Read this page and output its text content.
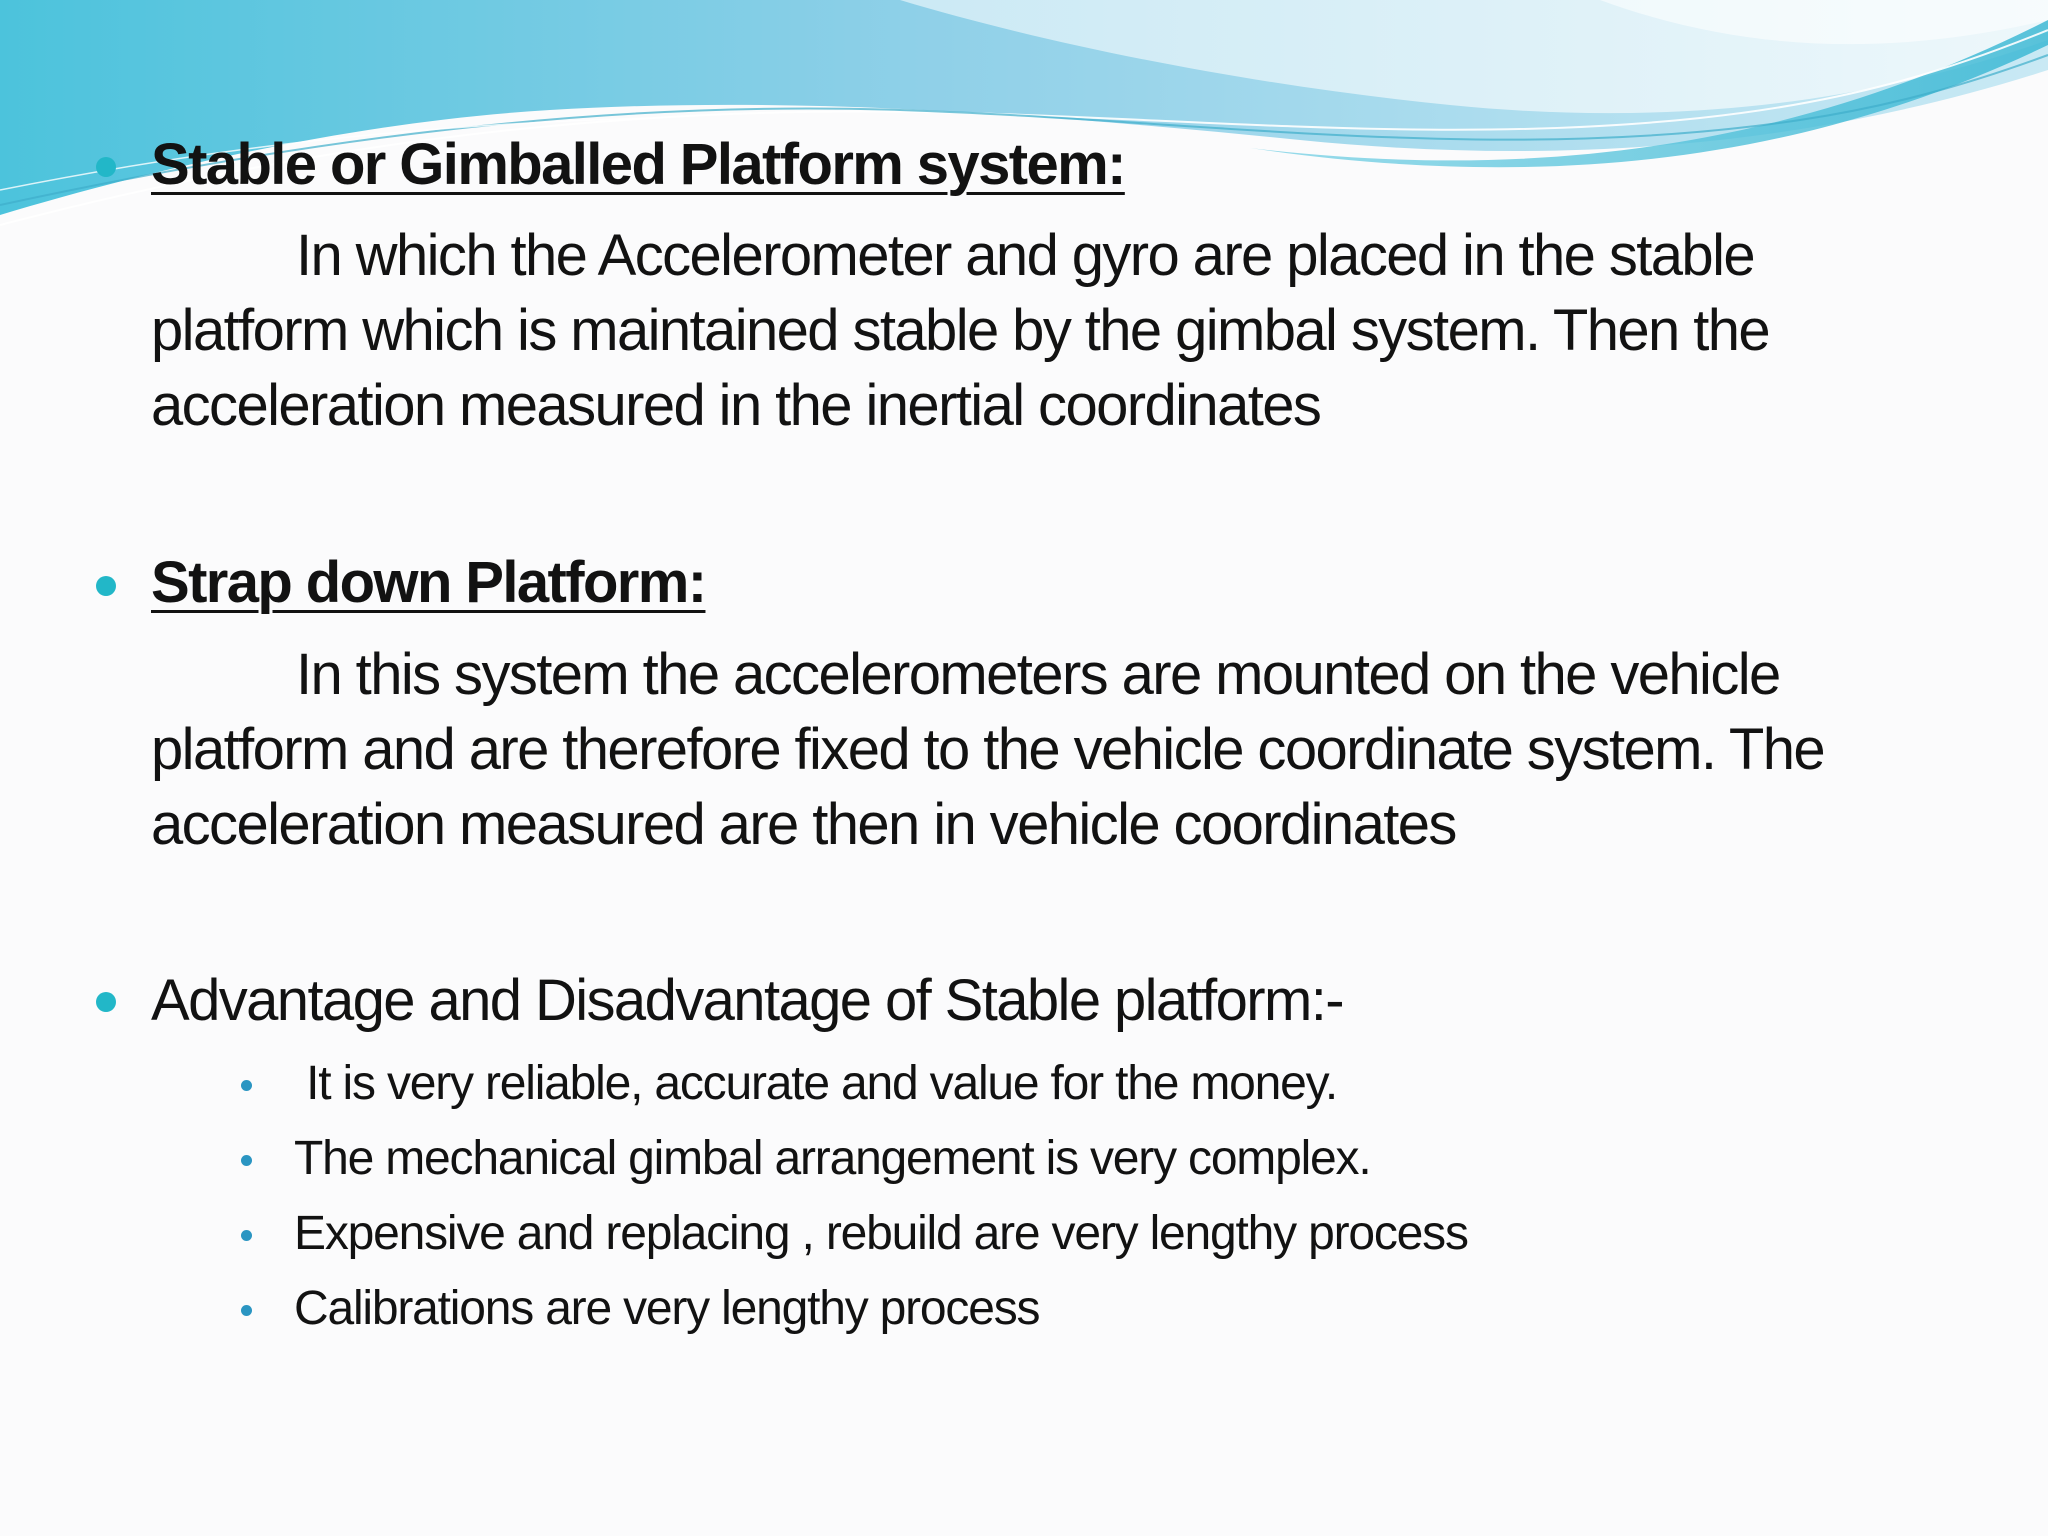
Stable or Gimballed Platform system:

In which the Accelerometer and gyro are placed in the stable platform which is maintained stable by the gimbal system. Then the acceleration measured in the inertial coordinates

Strap down Platform:

In this system the accelerometers are mounted on the vehicle platform and are therefore fixed to the vehicle coordinate system. The acceleration measured are then in vehicle coordinates

Advantage and Disadvantage of Stable platform:-
It is very reliable, accurate and value for the money.
The mechanical gimbal arrangement is very complex.
Expensive and replacing , rebuild are very lengthy process
Calibrations are very lengthy process
